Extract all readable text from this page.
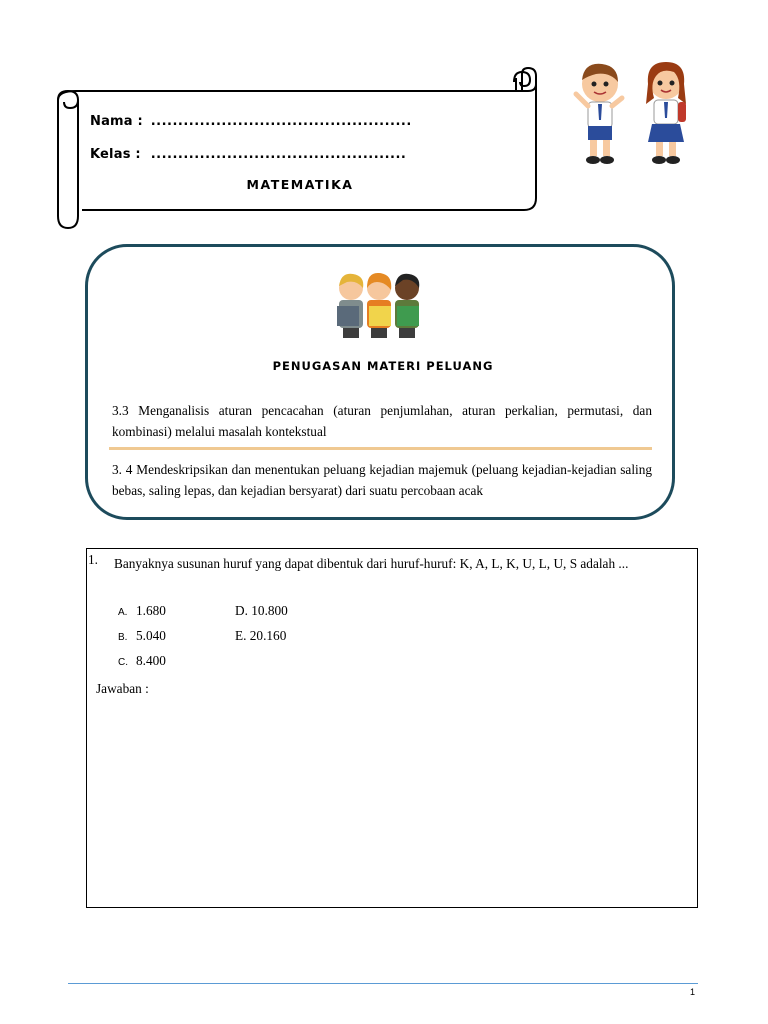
Nama : ................................................
Kelas : ...............................................
MATEMATIKA
PENUGASAN MATERI PELUANG
3.3 Menganalisis aturan pencacahan (aturan penjumlahan, aturan perkalian, permutasi, dan kombinasi) melalui masalah kontekstual
3. 4 Mendeskripsikan dan menentukan peluang kejadian majemuk (peluang kejadian-kejadian saling bebas, saling lepas, dan kejadian bersyarat) dari suatu percobaan acak
1. Banyaknya susunan huruf yang dapat dibentuk dari huruf-huruf: K, A, L, K, U, L, U, S adalah ...
A. 1.680
B. 5.040
C. 8.400
D. 10.800
E. 20.160
Jawaban :
1
